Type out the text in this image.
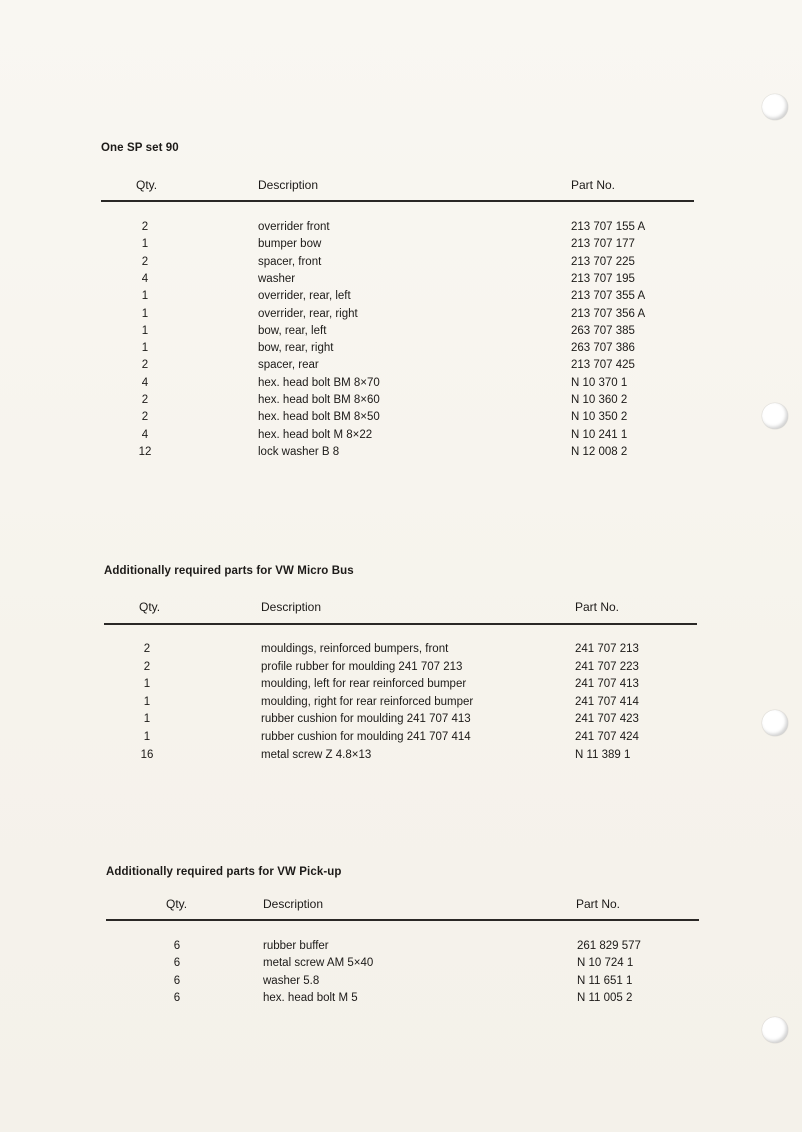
One SP set 90
Qty.	Description	Part No.
2	overrider front	213 707 155 A
1	bumper bow	213 707 177
2	spacer, front	213 707 225
4	washer	213 707 195
1	overrider, rear, left	213 707 355 A
1	overrider, rear, right	213 707 356 A
1	bow, rear, left	263 707 385
1	bow, rear, right	263 707 386
2	spacer, rear	213 707 425
4	hex. head bolt BM 8×70	N 10 370 1
2	hex. head bolt BM 8×60	N 10 360 2
2	hex. head bolt BM 8×50	N 10 350 2
4	hex. head bolt M 8×22	N 10 241 1
12	lock washer B 8	N 12 008 2
Additionally required parts for VW Micro Bus
Qty.	Description	Part No.
2	mouldings, reinforced bumpers, front	241 707 213
2	profile rubber for moulding 241 707 213	241 707 223
1	moulding, left for rear reinforced bumper	241 707 413
1	moulding, right for rear reinforced bumper	241 707 414
1	rubber cushion for moulding 241 707 413	241 707 423
1	rubber cushion for moulding 241 707 414	241 707 424
16	metal screw Z 4.8×13	N 11 389 1
Additionally required parts for VW Pick-up
Qty.	Description	Part No.
6	rubber buffer	261 829 577
6	metal screw AM 5×40	N 10 724 1
6	washer 5.8	N 11 651 1
6	hex. head bolt M 5	N 11 005 2
